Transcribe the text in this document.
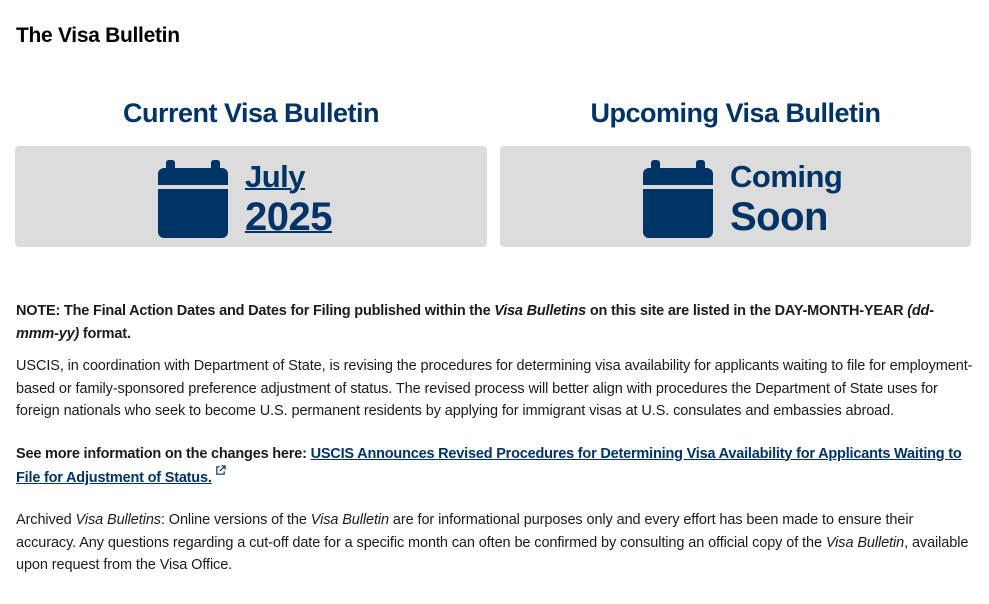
The Visa Bulletin
Current Visa Bulletin
July
2025
Upcoming Visa Bulletin
Coming
Soon

NOTE: The Final Action Dates and Dates for Filing published within the Visa Bulletins on this site are listed in the DAY-MONTH-YEAR (dd-mmm-yy) format.

USCIS, in coordination with Department of State, is revising the procedures for determining visa availability for applicants waiting to file for employment-based or family-sponsored preference adjustment of status. The revised process will better align with procedures the Department of State uses for foreign nationals who seek to become U.S. permanent residents by applying for immigrant visas at U.S. consulates and embassies abroad.

See more information on the changes here: USCIS Announces Revised Procedures for Determining Visa Availability for Applicants Waiting to File for Adjustment of Status.

Archived Visa Bulletins: Online versions of the Visa Bulletin are for informational purposes only and every effort has been made to ensure their accuracy. Any questions regarding a cut-off date for a specific month can often be confirmed by consulting an official copy of the Visa Bulletin, available upon request from the Visa Office.
